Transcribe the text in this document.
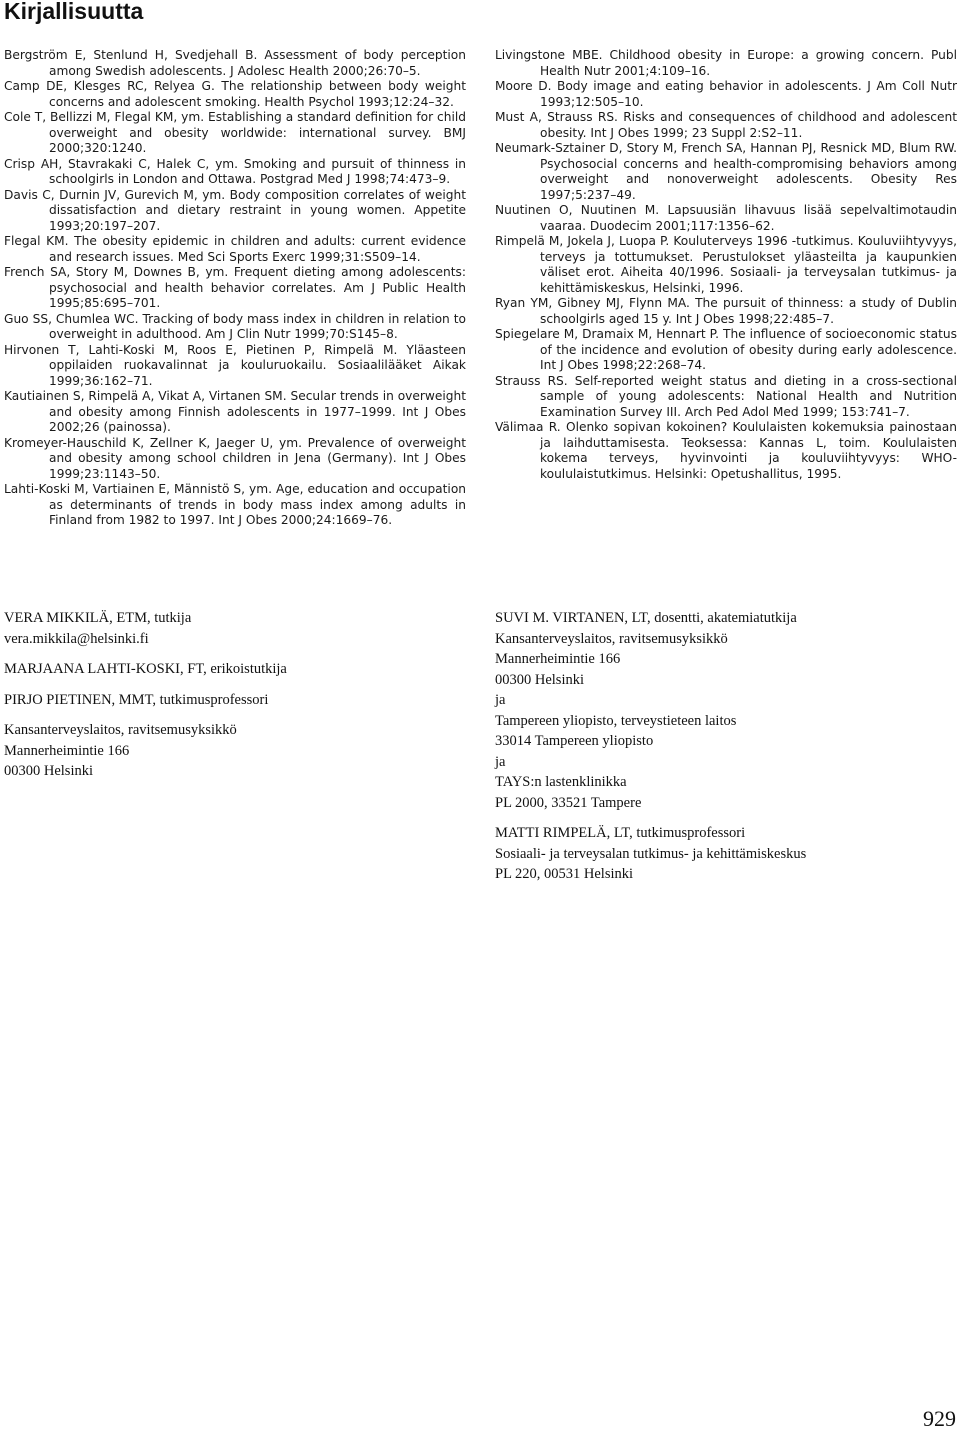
Kirjallisuutta

Bergström E, Stenlund H, Svedjehall B. Assessment of body perception among Swedish adolescents. J Adolesc Health 2000;26:70–5.

Camp DE, Klesges RC, Relyea G. The relationship between body weight concerns and adolescent smoking. Health Psychol 1993;12:24–32.

Cole T, Bellizzi M, Flegal KM, ym. Establishing a standard definition for child overweight and obesity worldwide: international survey. BMJ 2000;320:1240.

Crisp AH, Stavrakaki C, Halek C, ym. Smoking and pursuit of thinness in schoolgirls in London and Ottawa. Postgrad Med J 1998;74:473–9.

Davis C, Durnin JV, Gurevich M, ym. Body composition correlates of weight dissatisfaction and dietary restraint in young women. Appetite 1993;20:197–207.

Flegal KM. The obesity epidemic in children and adults: current evidence and research issues. Med Sci Sports Exerc 1999;31:S509–14.

French SA, Story M, Downes B, ym. Frequent dieting among adolescents: psychosocial and health behavior correlates. Am J Public Health 1995;85:695–701.

Guo SS, Chumlea WC. Tracking of body mass index in children in relation to overweight in adulthood. Am J Clin Nutr 1999;70:S145–8.

Hirvonen T, Lahti-Koski M, Roos E, Pietinen P, Rimpelä M. Yläasteen oppilaiden ruokavalinnat ja kouluruokailu. Sosiaalilääket Aikak 1999;36:162–71.

Kautiainen S, Rimpelä A, Vikat A, Virtanen SM. Secular trends in overweight and obesity among Finnish adolescents in 1977–1999. Int J Obes 2002;26 (painossa).

Kromeyer-Hauschild K, Zellner K, Jaeger U, ym. Prevalence of overweight and obesity among school children in Jena (Germany). Int J Obes 1999;23:1143–50.

Lahti-Koski M, Vartiainen E, Männistö S, ym. Age, education and occupation as determinants of trends in body mass index among adults in Finland from 1982 to 1997. Int J Obes 2000;24:1669–76.

Livingstone MBE. Childhood obesity in Europe: a growing concern. Publ Health Nutr 2001;4:109–16.

Moore D. Body image and eating behavior in adolescents. J Am Coll Nutr 1993;12:505–10.

Must A, Strauss RS. Risks and consequences of childhood and adolescent obesity. Int J Obes 1999; 23 Suppl 2:S2–11.

Neumark-Sztainer D, Story M, French SA, Hannan PJ, Resnick MD, Blum RW. Psychosocial concerns and health-compromising behaviors among overweight and nonoverweight adolescents. Obesity Res 1997;5:237–49.

Nuutinen O, Nuutinen M. Lapsuusiän lihavuus lisää sepelvaltimotaudin vaaraa. Duodecim 2001;117:1356–62.

Rimpelä M, Jokela J, Luopa P. Kouluterveys 1996 -tutkimus. Kouluviihtyvyys, terveys ja tottumukset. Perustulokset yläasteilta ja kaupunkien väliset erot. Aiheita 40/1996. Sosiaali- ja terveysalan tutkimus- ja kehittämiskeskus, Helsinki, 1996.

Ryan YM, Gibney MJ, Flynn MA. The pursuit of thinness: a study of Dublin schoolgirls aged 15 y. Int J Obes 1998;22:485–7.

Spiegelare M, Dramaix M, Hennart P. The influence of socioeconomic status of the incidence and evolution of obesity during early adolescence. Int J Obes 1998;22:268–74.

Strauss RS. Self-reported weight status and dieting in a cross-sectional sample of young adolescents: National Health and Nutrition Examination Survey III. Arch Ped Adol Med 1999; 153:741–7.

Välimaa R. Olenko sopivan kokoinen? Koululaisten kokemuksia painostaan ja laihduttamisesta. Teoksessa: Kannas L, toim. Koululaisten kokema terveys, hyvinvointi ja kouluviihtyvyys: WHO-koululaistutkimus. Helsinki: Opetushallitus, 1995.

VERA MIKKILÄ, ETM, tutkija
vera.mikkila@helsinki.fi
MARJAANA LAHTI-KOSKI, FT, erikoistutkija
PIRJO PIETINEN, MMT, tutkimusprofessori
Kansanterveyslaitos, ravitsemusyksikkö
Mannerheimintie 166
00300 Helsinki
SUVI M. VIRTANEN, LT, dosentti, akatemiatutkija
Kansanterveyslaitos, ravitsemusyksikkö
Mannerheimintie 166
00300 Helsinki
ja
Tampereen yliopisto, terveystieteen laitos
33014 Tampereen yliopisto
ja
TAYS:n lastenklinikka
PL 2000, 33521 Tampere
MATTI RIMPELÄ, LT, tutkimusprofessori
Sosiaali- ja terveysalan tutkimus- ja kehittämiskeskus
PL 220, 00531 Helsinki
929
